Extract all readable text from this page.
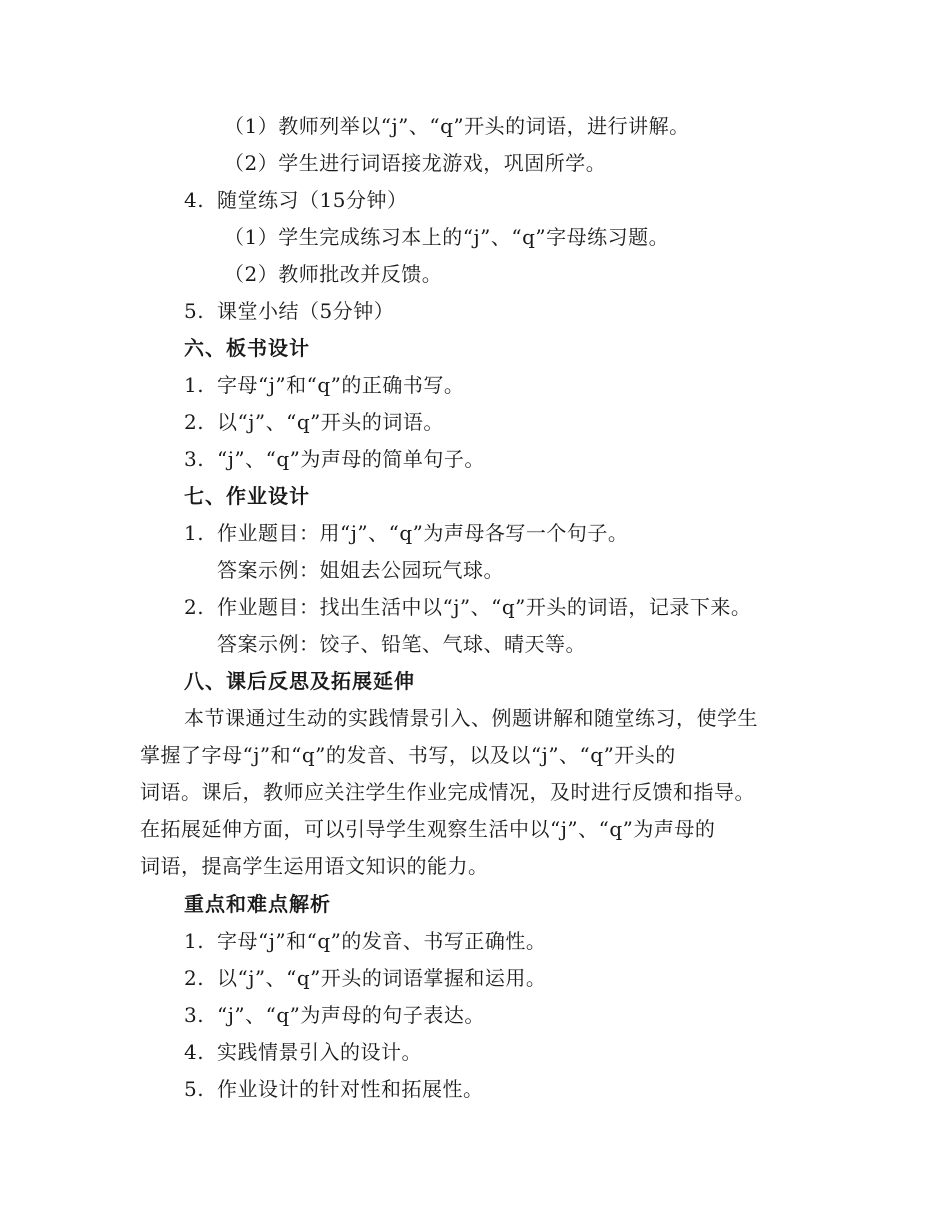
（1）教师列举以“j”、“q”开头的词语，进行讲解。
（2）学生进行词语接龙游戏，巩固所学。
4. 随堂练习（15分钟）
（1）学生完成练习本上的“j”、“q”字母练习题。
（2）教师批改并反馈。
5. 课堂小结（5分钟）
六、板书设计
1. 字母“j”和“q”的正确书写。
2. 以“j”、“q”开头的词语。
3. “j”、“q”为声母的简单句子。
七、作业设计
1. 作业题目：用“j”、“q”为声母各写一个句子。
答案示例：姐姐去公园玩气球。
2. 作业题目：找出生活中以“j”、“q”开头的词语，记录下来。
答案示例：饺子、铅笔、气球、晴天等。
八、课后反思及拓展延伸
本节课通过生动的实践情景引入、例题讲解和随堂练习，使学生
掌握了字母“j”和“q”的发音、书写，以及以“j”、“q”开头的
词语。课后，教师应关注学生作业完成情况，及时进行反馈和指导。
在拓展延伸方面，可以引导学生观察生活中以“j”、“q”为声母的
词语，提高学生运用语文知识的能力。
重点和难点解析
1. 字母“j”和“q”的发音、书写正确性。
2. 以“j”、“q”开头的词语掌握和运用。
3. “j”、“q”为声母的句子表达。
4. 实践情景引入的设计。
5. 作业设计的针对性和拓展性。
